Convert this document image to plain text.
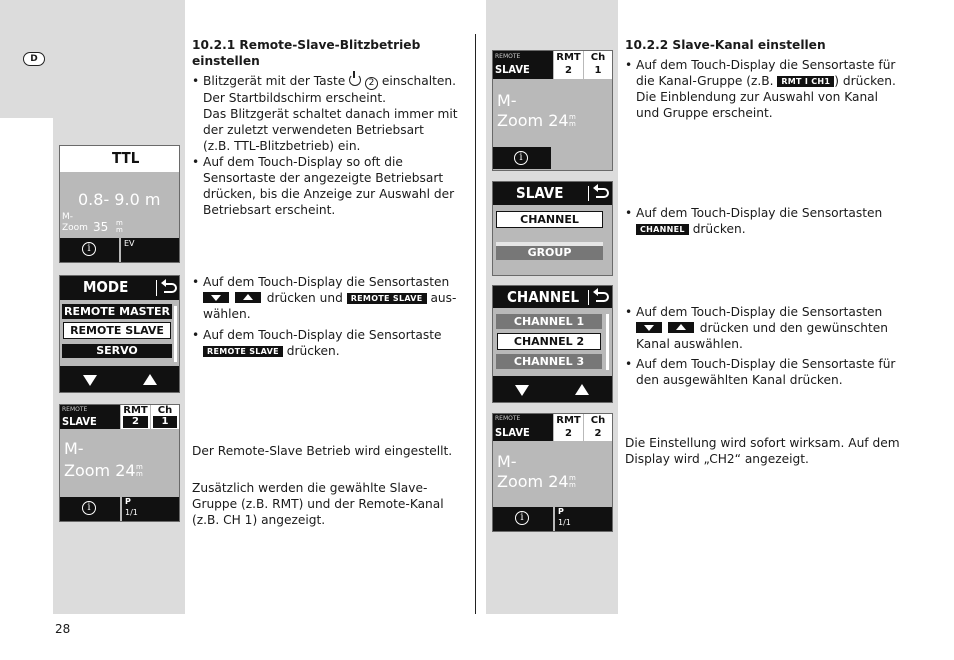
D
28
TTL
0.8- 9.0 m
M-
Zoom 35 m
m
i	EV
MODE
REMOTE MASTER
REMOTE SLAVE
SERVO
REMOTE
SLAVE
RMT
2
Ch
1
M-
Zoom 24 m
m
i
P
1/1
REMOTE
SLAVE
RMT
2
Ch
1
M-
Zoom 24 m
m
i
SLAVE
CHANNEL
GROUP
CHANNEL
CHANNEL 1
CHANNEL 2
CHANNEL 3
REMOTE
SLAVE
RMT
2
Ch
2
M-
Zoom 24 m
m
i
P
1/1
10.2.1 Remote-Slave-Blitzbetrieb einstellen
• Blitzgerät mit der Taste	2 einschalten.
Der Startbildschirm erscheint.
Das Blitzgerät schaltet danach immer mit
der zuletzt verwendeten Betriebsart
(z.B. TTL-Blitzbetrieb) ein.
• Auf dem Touch-Display so oft die
Sensortaste der angezeigte Betriebsart
drücken, bis die Anzeige zur Auswahl der
Betriebsart erscheint.
• Auf dem Touch-Display die Sensortasten
drücken und REMOTE SLAVE aus-
wählen.
• Auf dem Touch-Display die Sensortaste
REMOTE SLAVE drücken.
Der Remote-Slave Betrieb wird eingestellt.
Zusätzlich werden die gewählte Slave-
Gruppe (z.B. RMT) und der Remote-Kanal
(z.B. CH 1) angezeigt.
10.2.2 Slave-Kanal einstellen
• Auf dem Touch-Display die Sensortaste für
die Kanal-Gruppe (z.B. RMT I CH1 ) drücken.
Die Einblendung zur Auswahl von Kanal
und Gruppe erscheint.
• Auf dem Touch-Display die Sensortasten
CHANNEL drücken.
• Auf dem Touch-Display die Sensortasten
drücken und den gewünschten
Kanal auswählen.
• Auf dem Touch-Display die Sensortaste für
den ausgewählten Kanal drücken.
Die Einstellung wird sofort wirksam. Auf dem
Display wird „CH2“ angezeigt.
